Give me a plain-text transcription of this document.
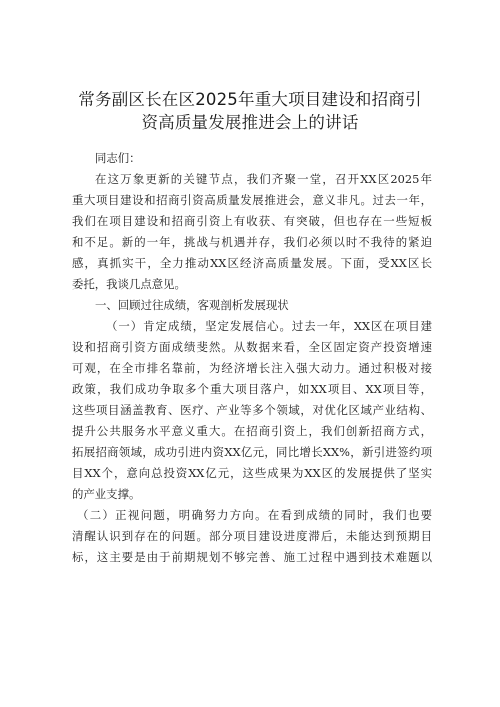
常务副区长在区2025年重大项目建设和招商引
资高质量发展推进会上的讲话
同志们：
在这万象更新的关键节点，我们齐聚一堂，召开XX区2025年
重大项目建设和招商引资高质量发展推进会，意义非凡。过去一年，
我们在项目建设和招商引资上有收获、有突破，但也存在一些短板
和不足。新的一年，挑战与机遇并存，我们必须以时不我待的紧迫
感，真抓实干，全力推动XX区经济高质量发展。下面，受XX区长
委托，我谈几点意见。
一、回顾过往成绩，客观剖析发展现状
（一）肯定成绩，坚定发展信心。过去一年，XX区在项目建
设和招商引资方面成绩斐然。从数据来看，全区固定资产投资增速
可观，在全市排名靠前，为经济增长注入强大动力。通过积极对接
政策，我们成功争取多个重大项目落户，如XX项目、XX项目等，
这些项目涵盖教育、医疗、产业等多个领域，对优化区域产业结构、
提升公共服务水平意义重大。在招商引资上，我们创新招商方式，
拓展招商领域，成功引进内资XX亿元，同比增长XX%，新引进签约项
目XX个，意向总投资XX亿元，这些成果为XX区的发展提供了坚实
的产业支撑。
（二）正视问题，明确努力方向。在看到成绩的同时，我们也要
清醒认识到存在的问题。部分项目建设进度滞后，未能达到预期目
标，这主要是由于前期规划不够完善、施工过程中遇到技术难题以
